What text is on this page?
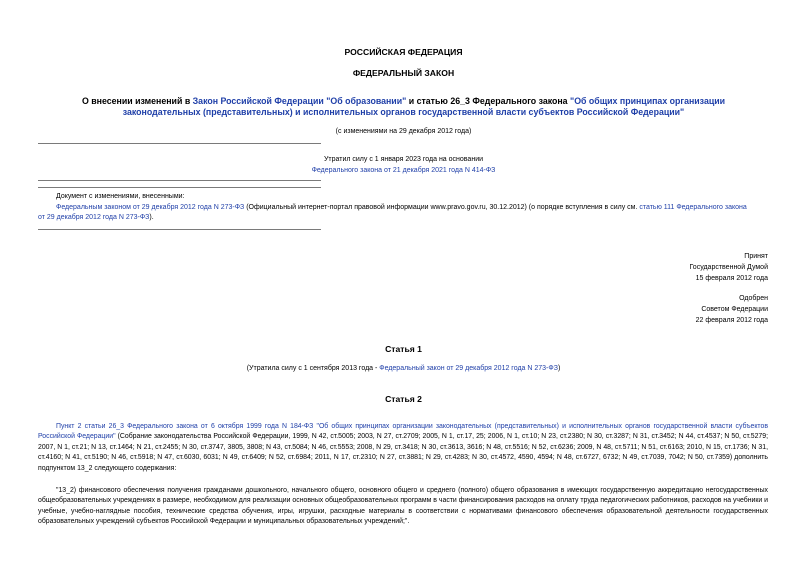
РОССИЙСКАЯ ФЕДЕРАЦИЯ
ФЕДЕРАЛЬНЫЙ ЗАКОН
О внесении изменений в Закон Российской Федерации "Об образовании" и статью 26_3 Федерального закона "Об общих принципах организации
законодательных (представительных) и исполнительных органов государственной власти субъектов Российской Федерации"
(с изменениями на 29 декабря 2012 года)
Утратил силу с 1 января 2023 года на основании
Федерального закона от 21 декабря 2021 года N 414-ФЗ
Документ с изменениями, внесенными:
Федеральным законом от 29 декабря 2012 года N 273-ФЗ (Официальный интернет-портал правовой информации www.pravo.gov.ru, 30.12.2012) (о порядке вступления в силу см. статью 111 Федерального закона
от 29 декабря 2012 года N 273-ФЗ).
Принят
Государственной Думой
15 февраля 2012 года
Одобрен
Советом Федерации
22 февраля 2012 года
Статья 1
(Утратила силу с 1 сентября 2013 года - Федеральный закон от 29 декабря 2012 года N 273-ФЗ)
Статья 2
Пункт 2 статьи 26_3 Федерального закона от 6 октября 1999 года N 184-ФЗ "Об общих принципах организации законодательных (представительных) и исполнительных органов государственной власти субъектов Российской Федерации" (Собрание законодательства Российской Федерации, 1999, N 42, ст.5005; 2003, N 27, ст.2709; 2005, N 1, ст.17, 25; 2006, N 1, ст.10; N 23, ст.2380; N 30, ст.3287; N 31, ст.3452; N 44, ст.4537; N 50, ст.5279; 2007, N 1, ст.21; N 13, ст.1464; N 21, ст.2455; N 30, ст.3747, 3805, 3808; N 43, ст.5084; N 46, ст.5553; 2008, N 29, ст.3418; N 30, ст.3613, 3616; N 48, ст.5516; N 52, ст.6236; 2009, N 48, ст.5711; N 51, ст.6163; 2010, N 15, ст.1736; N 31, ст.4160; N 41, ст.5190; N 46, ст.5918; N 47, ст.6030, 6031; N 49, ст.6409; N 52, ст.6984; 2011, N 17, ст.2310; N 27, ст.3881; N 29, ст.4283; N 30, ст.4572, 4590, 4594; N 48, ст.6727, 6732; N 49, ст.7039, 7042; N 50, ст.7359) дополнить подпунктом 13_2 следующего содержания:
"13_2) финансового обеспечения получения гражданами дошкольного, начального общего, основного общего и среднего (полного) общего образования в имеющих государственную аккредитацию негосударственных общеобразовательных учреждениях в размере, необходимом для реализации основных общеобразовательных программ в части финансирования расходов на оплату труда педагогических работников, расходов на учебники и учебные, учебно-наглядные пособия, технические средства обучения, игры, игрушки, расходные материалы в соответствии с нормативами финансового обеспечения образовательной деятельности государственных образовательных учреждений субъектов Российской Федерации и муниципальных образовательных учреждений;".
